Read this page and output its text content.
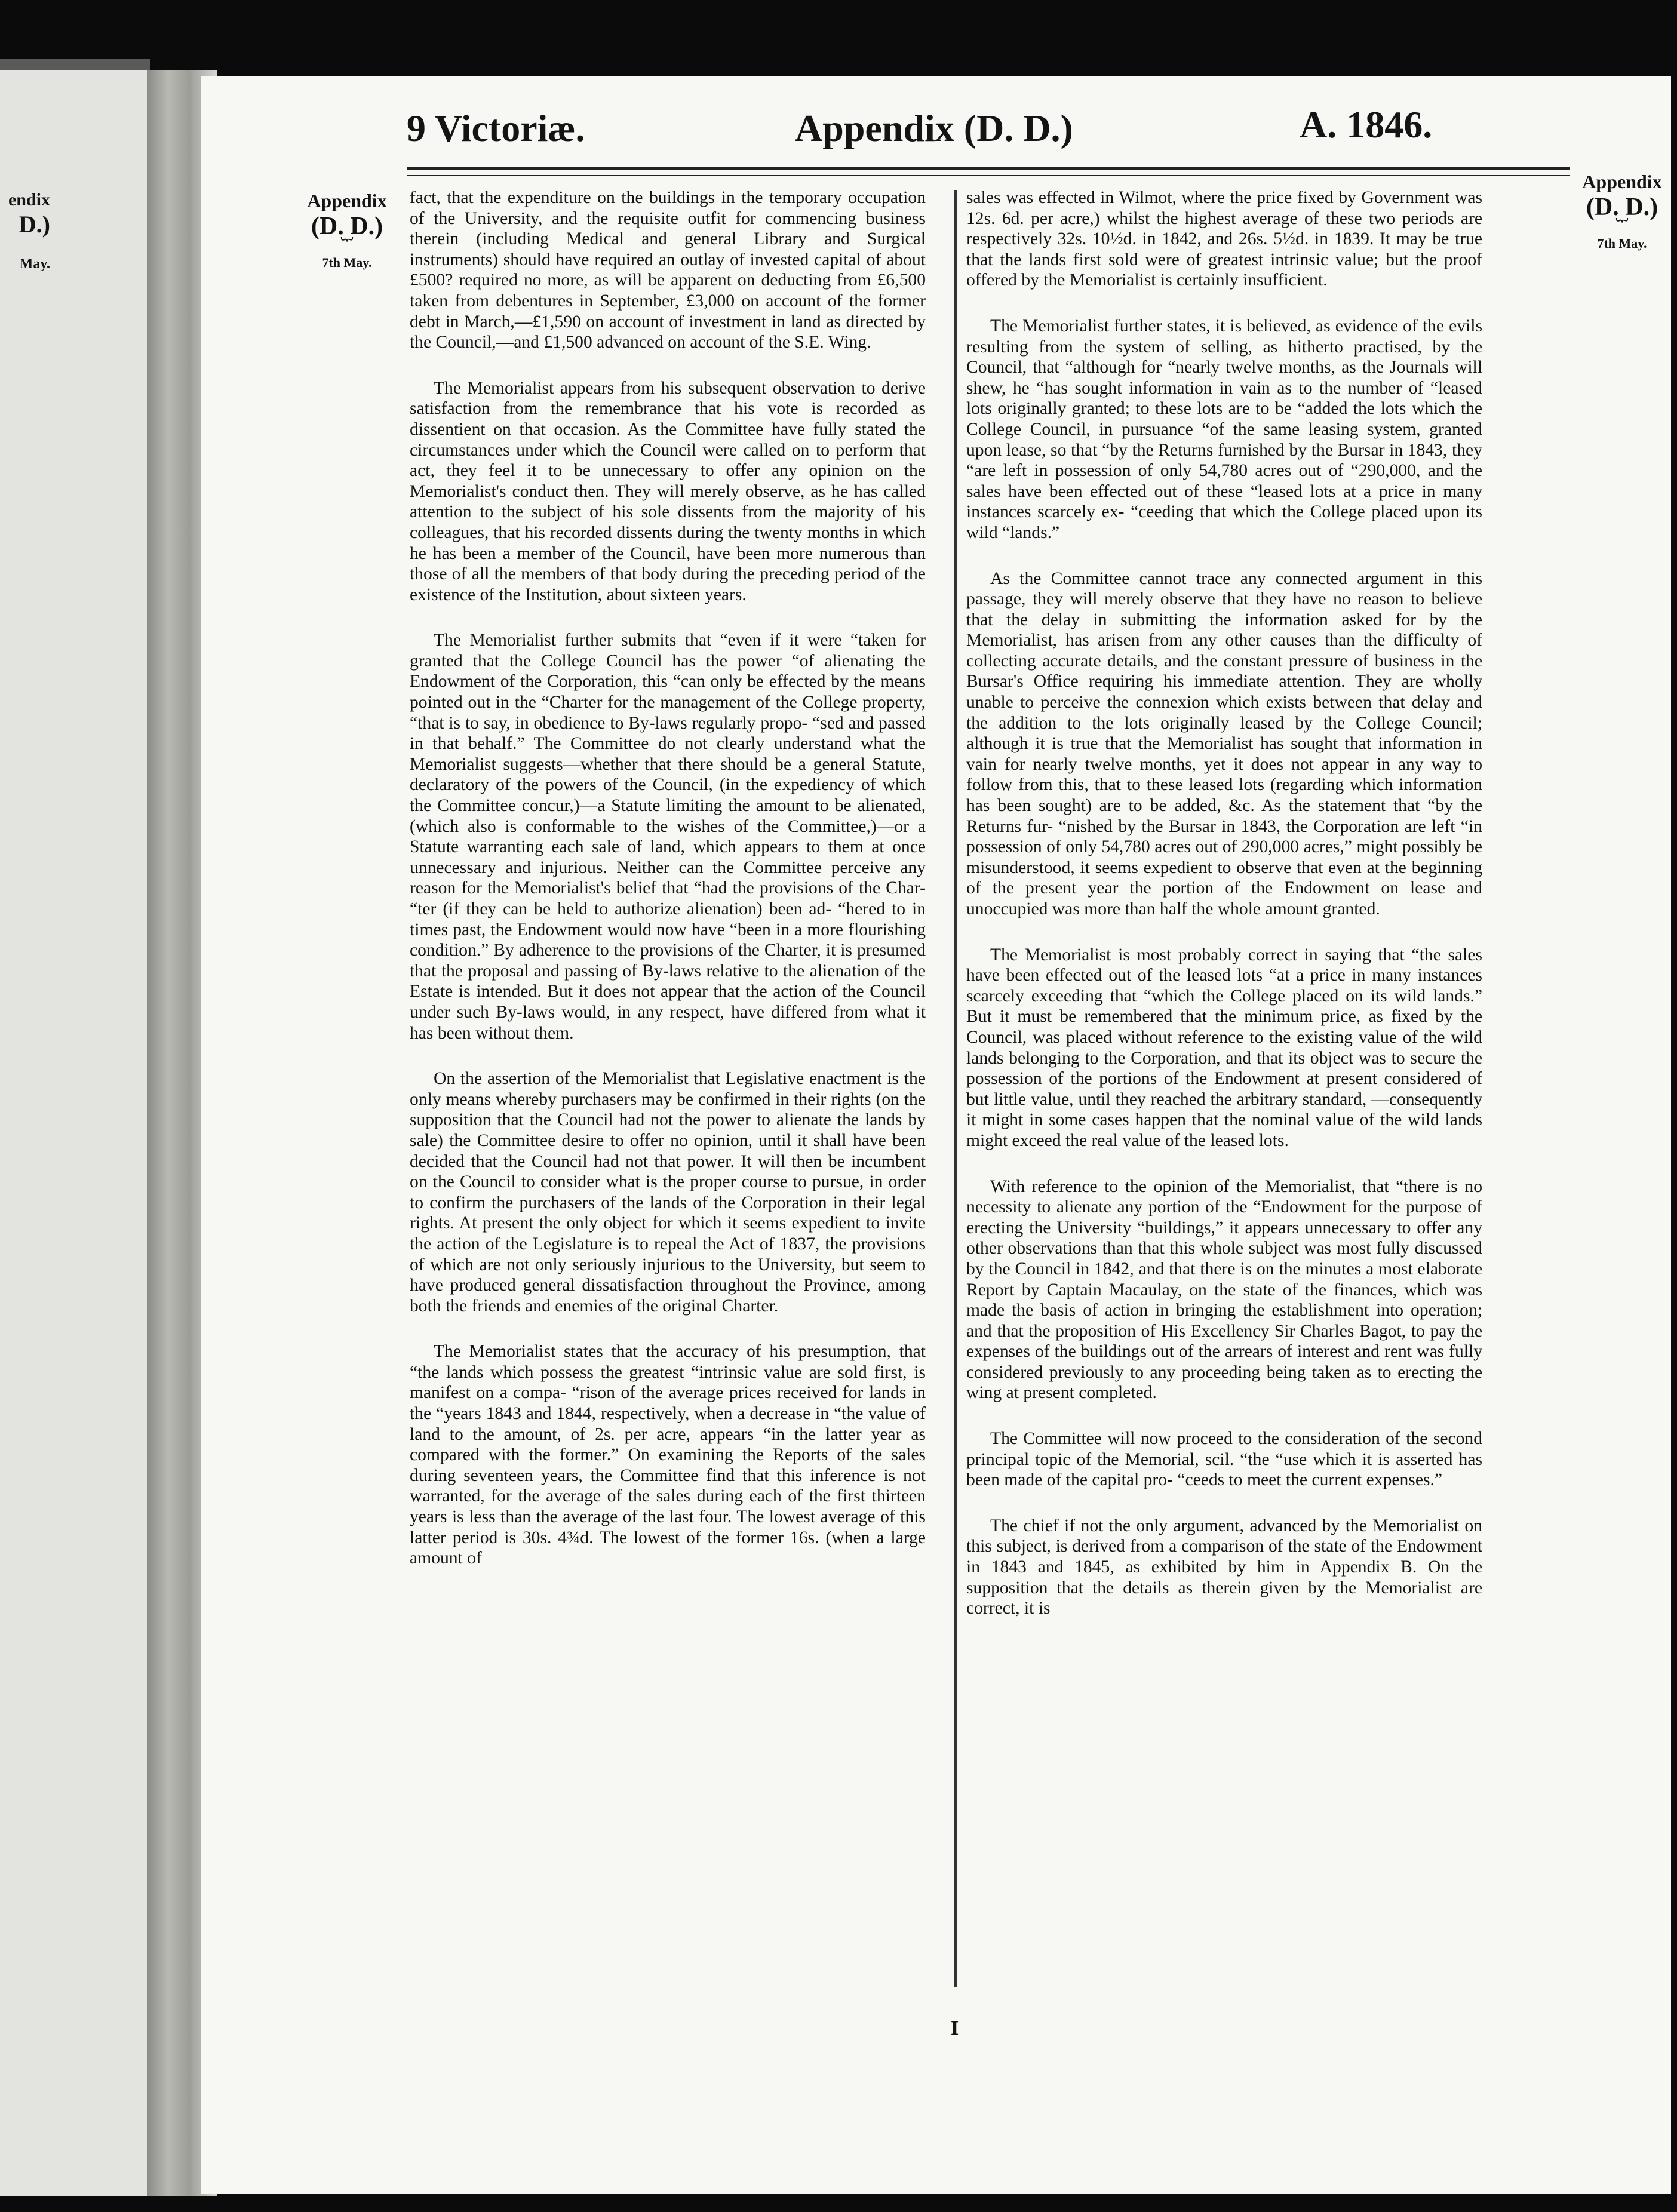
endix
D.)
May.
9 Victoriæ.	Appendix (D. D.)	A. 1846.
Appendix
(D. D.)
︸
7th May.
Appendix
(D. D.)
︸
7th May.

fact, that the expenditure on the buildings in the temporary occupation of the University, and the requisite outfit for commencing business therein (including Medical and general Library and Surgical instruments) should have required an outlay of invested capital of about £500? required no more, as will be apparent on deducting from £6,500 taken from debentures in September, £3,000 on account of the former debt in March,—£1,590 on account of investment in land as directed by the Council,—and £1,500 advanced on account of the S.E. Wing.

The Memorialist appears from his subsequent observation to derive satisfaction from the remembrance that his vote is recorded as dissentient on that occasion. As the Committee have fully stated the circumstances under which the Council were called on to perform that act, they feel it to be unnecessary to offer any opinion on the Memorialist's conduct then. They will merely observe, as he has called attention to the subject of his sole dissents from the majority of his colleagues, that his recorded dissents during the twenty months in which he has been a member of the Council, have been more numerous than those of all the members of that body during the preceding period of the existence of the Institution, about sixteen years.

The Memorialist further submits that “even if it were “taken for granted that the College Council has the power “of alienating the Endowment of the Corporation, this “can only be effected by the means pointed out in the “Charter for the management of the College property, “that is to say, in obedience to By-laws regularly propo- “sed and passed in that behalf.” The Committee do not clearly understand what the Memorialist suggests—whether that there should be a general Statute, declaratory of the powers of the Council, (in the expediency of which the Committee concur,)—a Statute limiting the amount to be alienated, (which also is conformable to the wishes of the Committee,)—or a Statute warranting each sale of land, which appears to them at once unnecessary and injurious. Neither can the Committee perceive any reason for the Memorialist's belief that “had the provisions of the Char- “ter (if they can be held to authorize alienation) been ad- “hered to in times past, the Endowment would now have “been in a more flourishing condition.” By adherence to the provisions of the Charter, it is presumed that the proposal and passing of By-laws relative to the alienation of the Estate is intended. But it does not appear that the action of the Council under such By-laws would, in any respect, have differed from what it has been without them.

On the assertion of the Memorialist that Legislative enactment is the only means whereby purchasers may be confirmed in their rights (on the supposition that the Council had not the power to alienate the lands by sale) the Committee desire to offer no opinion, until it shall have been decided that the Council had not that power. It will then be incumbent on the Council to consider what is the proper course to pursue, in order to confirm the purchasers of the lands of the Corporation in their legal rights. At present the only object for which it seems expedient to invite the action of the Legislature is to repeal the Act of 1837, the provisions of which are not only seriously injurious to the University, but seem to have produced general dissatisfaction throughout the Province, among both the friends and enemies of the original Charter.

The Memorialist states that the accuracy of his presumption, that “the lands which possess the greatest “intrinsic value are sold first, is manifest on a compa- “rison of the average prices received for lands in the “years 1843 and 1844, respectively, when a decrease in “the value of land to the amount, of 2s. per acre, appears “in the latter year as compared with the former.” On examining the Reports of the sales during seventeen years, the Committee find that this inference is not warranted, for the average of the sales during each of the first thirteen years is less than the average of the last four. The lowest average of this latter period is 30s. 4¾d. The lowest of the former 16s. (when a large amount of

sales was effected in Wilmot, where the price fixed by Government was 12s. 6d. per acre,) whilst the highest average of these two periods are respectively 32s. 10½d. in 1842, and 26s. 5½d. in 1839. It may be true that the lands first sold were of greatest intrinsic value; but the proof offered by the Memorialist is certainly insufficient.

The Memorialist further states, it is believed, as evidence of the evils resulting from the system of selling, as hitherto practised, by the Council, that “although for “nearly twelve months, as the Journals will shew, he “has sought information in vain as to the number of “leased lots originally granted; to these lots are to be “added the lots which the College Council, in pursuance “of the same leasing system, granted upon lease, so that “by the Returns furnished by the Bursar in 1843, they “are left in possession of only 54,780 acres out of “290,000, and the sales have been effected out of these “leased lots at a price in many instances scarcely ex- “ceeding that which the College placed upon its wild “lands.”

As the Committee cannot trace any connected argument in this passage, they will merely observe that they have no reason to believe that the delay in submitting the information asked for by the Memorialist, has arisen from any other causes than the difficulty of collecting accurate details, and the constant pressure of business in the Bursar's Office requiring his immediate attention. They are wholly unable to perceive the connexion which exists between that delay and the addition to the lots originally leased by the College Council; although it is true that the Memorialist has sought that information in vain for nearly twelve months, yet it does not appear in any way to follow from this, that to these leased lots (regarding which information has been sought) are to be added, &c. As the statement that “by the Returns fur- “nished by the Bursar in 1843, the Corporation are left “in possession of only 54,780 acres out of 290,000 acres,” might possibly be misunderstood, it seems expedient to observe that even at the beginning of the present year the portion of the Endowment on lease and unoccupied was more than half the whole amount granted.

The Memorialist is most probably correct in saying that “the sales have been effected out of the leased lots “at a price in many instances scarcely exceeding that “which the College placed on its wild lands.” But it must be remembered that the minimum price, as fixed by the Council, was placed without reference to the existing value of the wild lands belonging to the Corporation, and that its object was to secure the possession of the portions of the Endowment at present considered of but little value, until they reached the arbitrary standard, —consequently it might in some cases happen that the nominal value of the wild lands might exceed the real value of the leased lots.

With reference to the opinion of the Memorialist, that “there is no necessity to alienate any portion of the “Endowment for the purpose of erecting the University “buildings,” it appears unnecessary to offer any other observations than that this whole subject was most fully discussed by the Council in 1842, and that there is on the minutes a most elaborate Report by Captain Macaulay, on the state of the finances, which was made the basis of action in bringing the establishment into operation; and that the proposition of His Excellency Sir Charles Bagot, to pay the expenses of the buildings out of the arrears of interest and rent was fully considered previously to any proceeding being taken as to erecting the wing at present completed.

The Committee will now proceed to the consideration of the second principal topic of the Memorial, scil. “the “use which it is asserted has been made of the capital pro- “ceeds to meet the current expenses.”

The chief if not the only argument, advanced by the Memorialist on this subject, is derived from a comparison of the state of the Endowment in 1843 and 1845, as exhibited by him in Appendix B. On the supposition that the details as therein given by the Memorialist are correct, it is

I
